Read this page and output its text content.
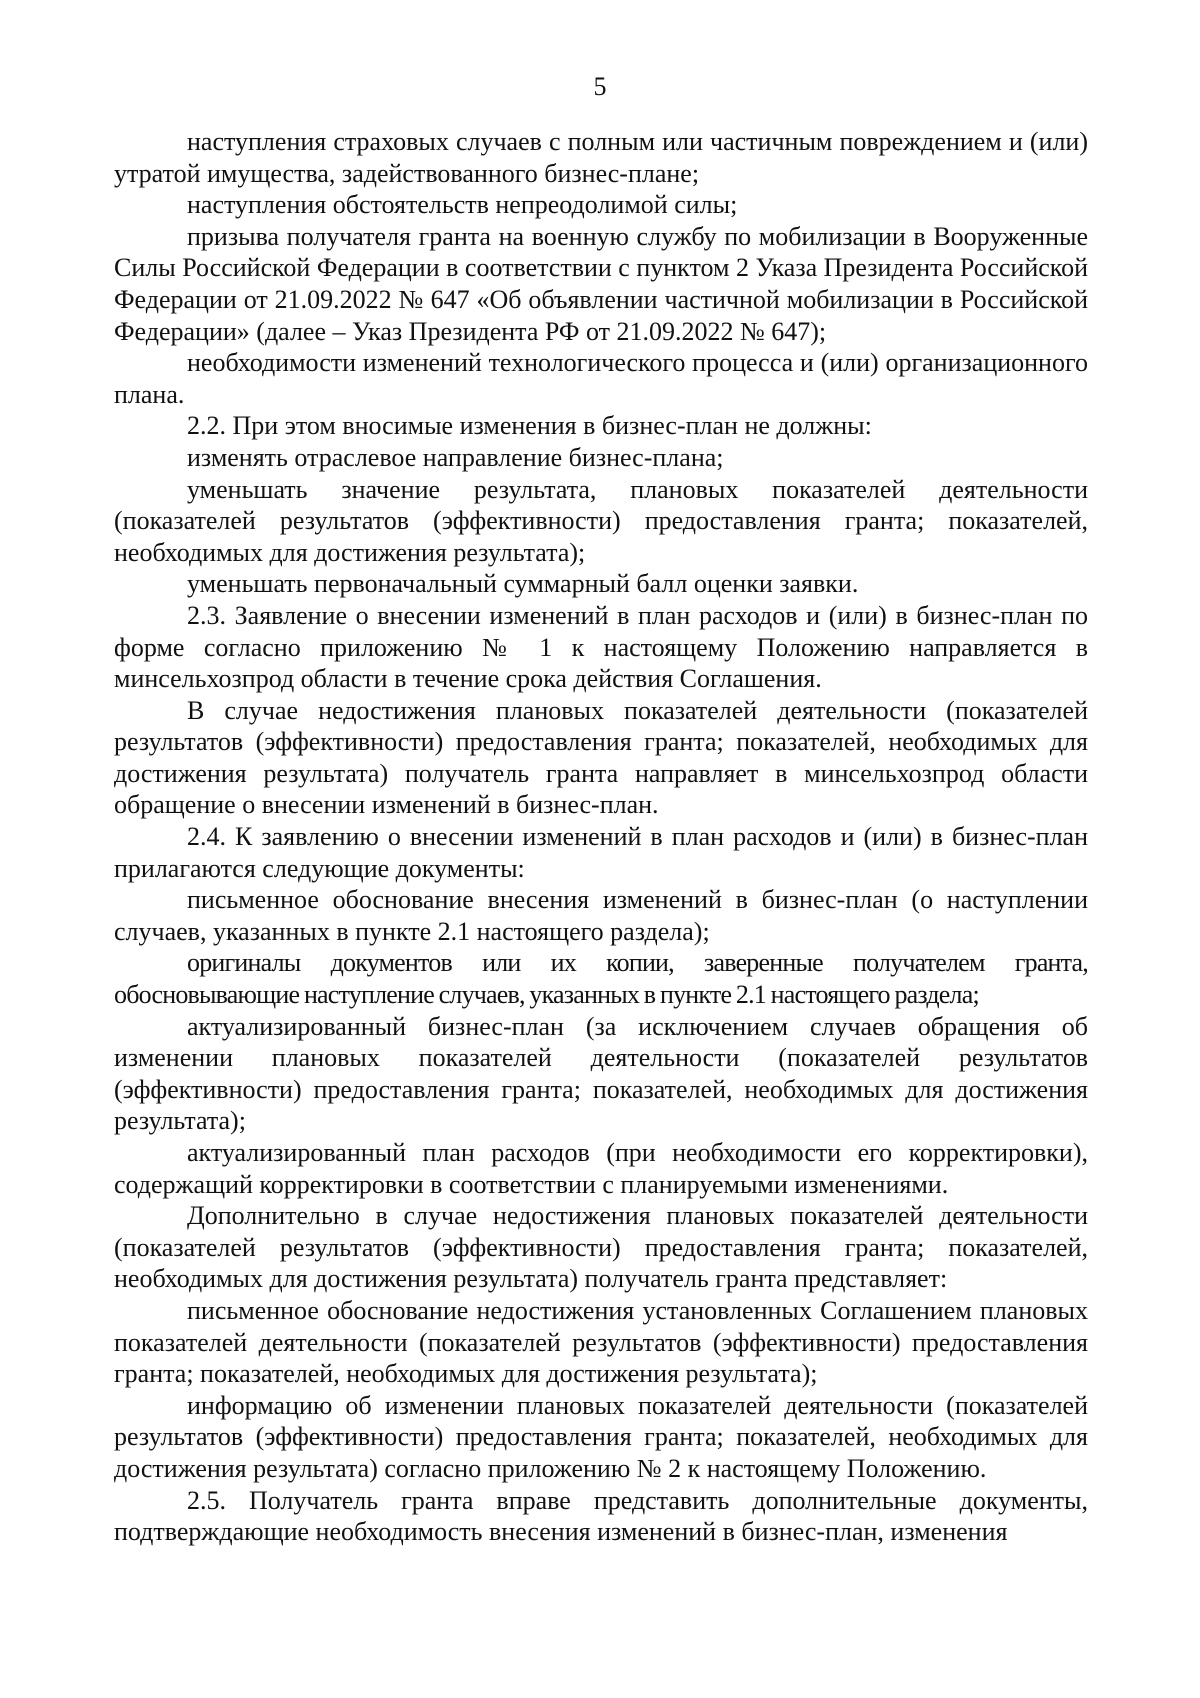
5

наступления страховых случаев с полным или частичным повреждением и (или) утратой имущества, задействованного бизнес-плане;

наступления обстоятельств непреодолимой силы;

призыва получателя гранта на военную службу по мобилизации в Вооруженные Силы Российской Федерации в соответствии с пунктом 2 Указа Президента Российской Федерации от 21.09.2022 № 647 «Об объявлении частичной мобилизации в Российской Федерации» (далее – Указ Президента РФ от 21.09.2022 № 647);

необходимости изменений технологического процесса и (или) организационного плана.

2.2. При этом вносимые изменения в бизнес-план не должны:

изменять отраслевое направление бизнес-плана;

уменьшать значение результата, плановых показателей деятельности (показателей результатов (эффективности) предоставления гранта; показателей, необходимых для достижения результата);

уменьшать первоначальный суммарный балл оценки заявки.

2.3. Заявление о внесении изменений в план расходов и (или) в бизнес-план по форме согласно приложению № 1 к настоящему Положению направляется в минсельхозпрод области в течение срока действия Соглашения.

В случае недостижения плановых показателей деятельности (показателей результатов (эффективности) предоставления гранта; показателей, необходимых для достижения результата) получатель гранта направляет в минсельхозпрод области обращение о внесении изменений в бизнес-план.

2.4. К заявлению о внесении изменений в план расходов и (или) в бизнес-план прилагаются следующие документы:

письменное обоснование внесения изменений в бизнес-план (о наступлении случаев, указанных в пункте 2.1 настоящего раздела);

оригиналы документов или их копии, заверенные получателем гранта, обосновывающие наступление случаев, указанных в пункте 2.1 настоящего раздела;

актуализированный бизнес-план (за исключением случаев обращения об изменении плановых показателей деятельности (показателей результатов (эффективности) предоставления гранта; показателей, необходимых для достижения результата);

актуализированный план расходов (при необходимости его корректировки), содержащий корректировки в соответствии с планируемыми изменениями.

Дополнительно в случае недостижения плановых показателей деятельности (показателей результатов (эффективности) предоставления гранта; показателей, необходимых для достижения результата) получатель гранта представляет:

письменное обоснование недостижения установленных Соглашением плановых показателей деятельности (показателей результатов (эффективности) предоставления гранта; показателей, необходимых для достижения результата);

информацию об изменении плановых показателей деятельности (показателей результатов (эффективности) предоставления гранта; показателей, необходимых для достижения результата) согласно приложению № 2 к настоящему Положению.

2.5. Получатель гранта вправе представить дополнительные документы, подтверждающие необходимость внесения изменений в бизнес-план, изменения
